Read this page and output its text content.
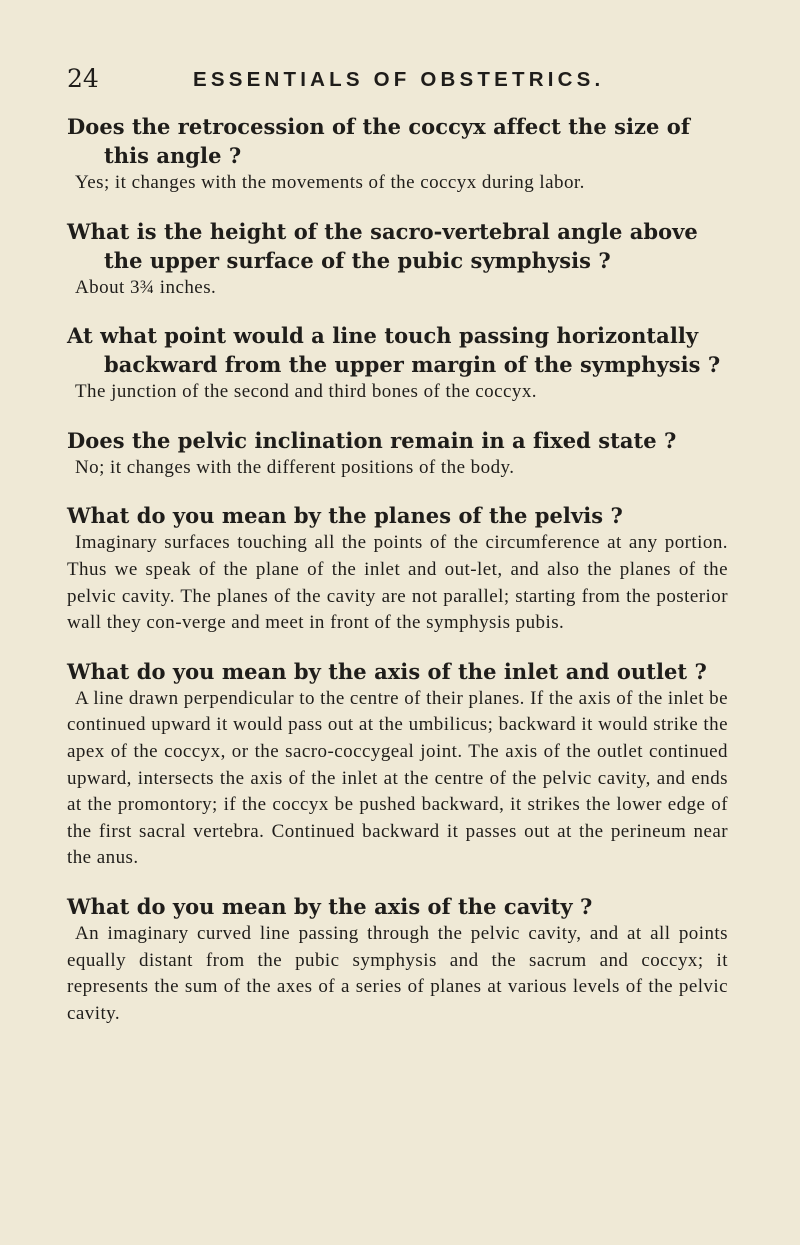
24	ESSENTIALS OF OBSTETRICS.

Does the retrocession of the coccyx affect the size of this angle ?

Yes; it changes with the movements of the coccyx during labor.

What is the height of the sacro-vertebral angle above the upper surface of the pubic symphysis ?

About 3¾ inches.

At what point would a line touch passing horizontally backward from the upper margin of the symphysis ?

The junction of the second and third bones of the coccyx.

Does the pelvic inclination remain in a fixed state ?

No; it changes with the different positions of the body.

What do you mean by the planes of the pelvis ?

Imaginary surfaces touching all the points of the circumference at any portion. Thus we speak of the plane of the inlet and out-let, and also the planes of the pelvic cavity. The planes of the cavity are not parallel; starting from the posterior wall they con-verge and meet in front of the symphysis pubis.

What do you mean by the axis of the inlet and outlet ?

A line drawn perpendicular to the centre of their planes. If the axis of the inlet be continued upward it would pass out at the umbilicus; backward it would strike the apex of the coccyx, or the sacro-coccygeal joint. The axis of the outlet continued upward, intersects the axis of the inlet at the centre of the pelvic cavity, and ends at the promontory; if the coccyx be pushed backward, it strikes the lower edge of the first sacral vertebra. Continued backward it passes out at the perineum near the anus.

What do you mean by the axis of the cavity ?

An imaginary curved line passing through the pelvic cavity, and at all points equally distant from the pubic symphysis and the sacrum and coccyx; it represents the sum of the axes of a series of planes at various levels of the pelvic cavity.
